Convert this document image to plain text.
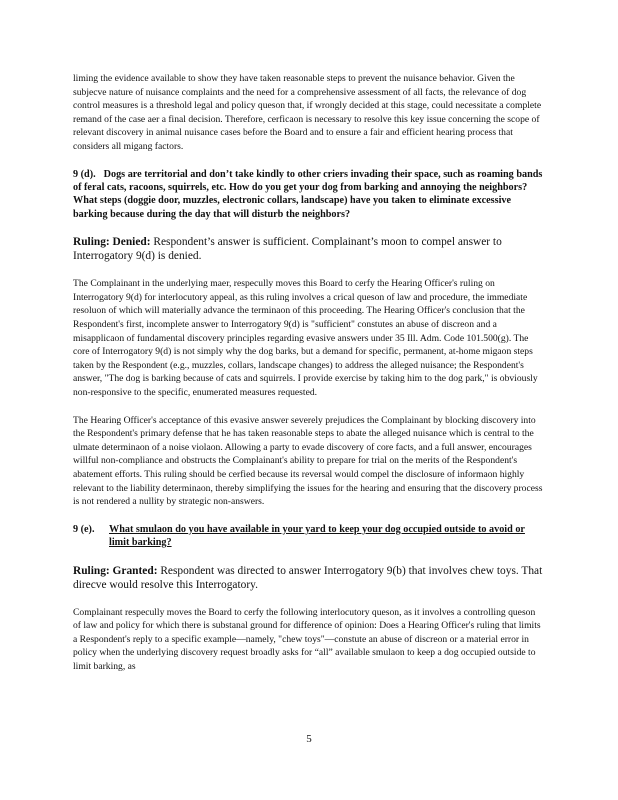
liming the evidence available to show they have taken reasonable steps to prevent the nuisance behavior. Given the subjecve nature of nuisance complaints and the need for a comprehensive assessment of all facts, the relevance of dog control measures is a threshold legal and policy queson that, if wrongly decided at this stage, could necessitate a complete remand of the case aer a final decision. Therefore, cerficaon is necessary to resolve this key issue concerning the scope of relevant discovery in animal nuisance cases before the Board and to ensure a fair and efficient hearing process that considers all migang factors.

9 (d). Dogs are territorial and don’t take kindly to other criers invading their space, such as roaming bands of feral cats, racoons, squirrels, etc. How do you get your dog from barking and annoying the neighbors? What steps (doggie door, muzzles, electronic collars, landscape) have you taken to eliminate excessive barking because during the day that will disturb the neighbors?

Ruling: Denied: Respondent’s answer is sufficient. Complainant’s moon to compel answer to Interrogatory 9(d) is denied.

The Complainant in the underlying maer, respecully moves this Board to cerfy the Hearing Officer's ruling on Interrogatory 9(d) for interlocutory appeal, as this ruling involves a crical queson of law and procedure, the immediate resoluon of which will materially advance the terminaon of this proceeding. The Hearing Officer's conclusion that the Respondent's first, incomplete answer to Interrogatory 9(d) is "sufficient" constutes an abuse of discreon and a misapplicaon of fundamental discovery principles regarding evasive answers under 35 Ill. Adm. Code 101.500(g). The core of Interrogatory 9(d) is not simply why the dog barks, but a demand for specific, permanent, at-home migaon steps taken by the Respondent (e.g., muzzles, collars, landscape changes) to address the alleged nuisance; the Respondent's answer, "The dog is barking because of cats and squirrels. I provide exercise by taking him to the dog park," is obviously non-responsive to the specific, enumerated measures requested.

The Hearing Officer's acceptance of this evasive answer severely prejudices the Complainant by blocking discovery into the Respondent's primary defense that he has taken reasonable steps to abate the alleged nuisance which is central to the ulmate determinaon of a noise violaon. Allowing a party to evade discovery of core facts, and a full answer, encourages willful non-compliance and obstructs the Complainant's ability to prepare for trial on the merits of the Respondent's abatement efforts. This ruling should be cerfied because its reversal would compel the disclosure of informaon highly relevant to the liability determinaon, thereby simplifying the issues for the hearing and ensuring that the discovery process is not rendered a nullity by strategic non-answers.

9 (e).	What smulaon do you have available in your yard to keep your dog occupied outside to avoid or limit barking?

Ruling: Granted: Respondent was directed to answer Interrogatory 9(b) that involves chew toys. That direcve would resolve this Interrogatory.

Complainant respecully moves the Board to cerfy the following interlocutory queson, as it involves a controlling queson of law and policy for which there is substanal ground for difference of opinion: Does a Hearing Officer's ruling that limits a Respondent's reply to a specific example—namely, "chew toys"—constute an abuse of discreon or a material error in policy when the underlying discovery request broadly asks for “all” available smulaon to keep a dog occupied outside to limit barking, as

5
